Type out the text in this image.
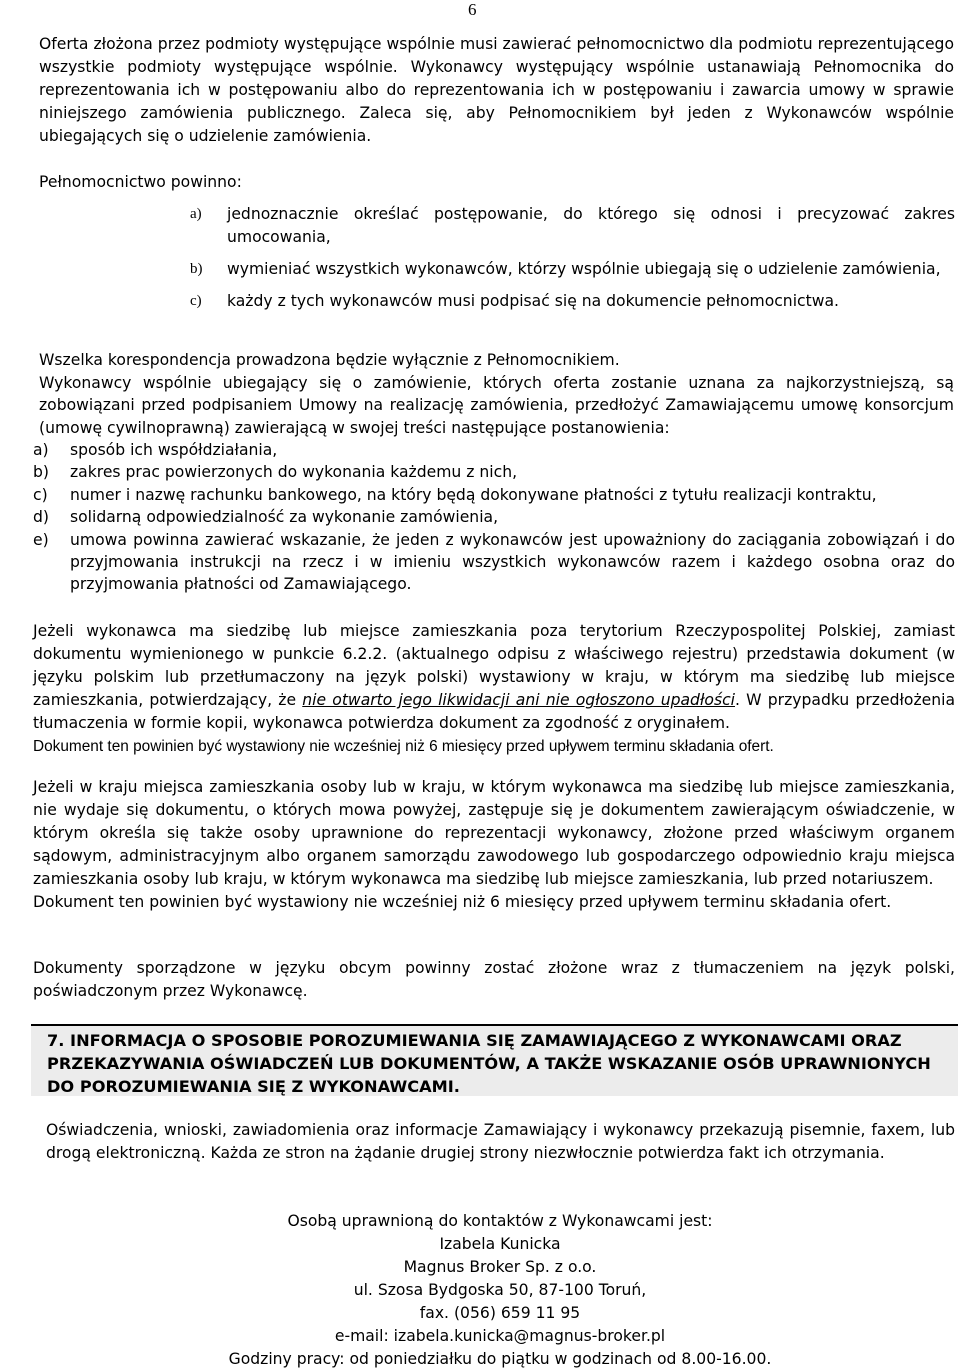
6
Oferta złożona przez podmioty występujące wspólnie musi zawierać pełnomocnictwo dla podmiotu reprezentującego wszystkie podmioty występujące wspólnie. Wykonawcy występujący wspólnie ustanawiają Pełnomocnika do reprezentowania ich w postępowaniu albo do reprezentowania ich w postępowaniu i zawarcia umowy w sprawie niniejszego zamówienia publicznego. Zaleca się, aby Pełnomocnikiem był jeden z Wykonawców wspólnie ubiegających się o udzielenie zamówienia.
Pełnomocnictwo powinno:
a) jednoznacznie określać postępowanie, do którego się odnosi i precyzować zakres umocowania,
b) wymieniać wszystkich wykonawców, którzy wspólnie ubiegają się o udzielenie zamówienia,
c) każdy z tych wykonawców musi podpisać się na dokumencie pełnomocnictwa.
Wszelka korespondencja prowadzona będzie wyłącznie z Pełnomocnikiem.
Wykonawcy wspólnie ubiegający się o zamówienie, których oferta zostanie uznana za najkorzystniejszą, są zobowiązani przed podpisaniem Umowy na realizację zamówienia, przedłożyć Zamawiającemu umowę konsorcjum (umowę cywilnoprawną) zawierającą w swojej treści następujące postanowienia:
a) sposób ich współdziałania,
b) zakres prac powierzonych do wykonania każdemu z nich,
c) numer i nazwę rachunku bankowego, na który będą dokonywane płatności z tytułu realizacji kontraktu,
d) solidarną odpowiedzialność za wykonanie zamówienia,
e) umowa powinna zawierać wskazanie, że jeden z wykonawców jest upoważniony do zaciągania zobowiązań i do przyjmowania instrukcji na rzecz i w imieniu wszystkich wykonawców razem i każdego osobna oraz do przyjmowania płatności od Zamawiającego.
Jeżeli wykonawca ma siedzibę lub miejsce zamieszkania poza terytorium Rzeczypospolitej Polskiej, zamiast dokumentu wymienionego w punkcie 6.2.2. (aktualnego odpisu z właściwego rejestru) przedstawia dokument (w języku polskim lub przetłumaczony na język polski) wystawiony w kraju, w którym ma siedzibę lub miejsce zamieszkania, potwierdzający, że nie otwarto jego likwidacji ani nie ogłoszono upadłości. W przypadku przedłożenia tłumaczenia w formie kopii, wykonawca potwierdza dokument za zgodność z oryginałem.
Dokument ten powinien być wystawiony nie wcześniej niż 6 miesięcy przed upływem terminu składania ofert.
Jeżeli w kraju miejsca zamieszkania osoby lub w kraju, w którym wykonawca ma siedzibę lub miejsce zamieszkania, nie wydaje się dokumentu, o których mowa powyżej, zastępuje się je dokumentem zawierającym oświadczenie, w którym określa się także osoby uprawnione do reprezentacji wykonawcy, złożone przed właściwym organem sądowym, administracyjnym albo organem samorządu zawodowego lub gospodarczego odpowiednio kraju miejsca zamieszkania osoby lub kraju, w którym wykonawca ma siedzibę lub miejsce zamieszkania, lub przed notariuszem.
Dokument ten powinien być wystawiony nie wcześniej niż 6 miesięcy przed upływem terminu składania ofert.
Dokumenty sporządzone w języku obcym powinny zostać złożone wraz z tłumaczeniem na język polski, poświadczonym przez Wykonawcę.
7. INFORMACJA O SPOSOBIE POROZUMIEWANIA SIĘ ZAMAWIAJĄCEGO Z WYKONAWCAMI ORAZ PRZEKAZYWANIA OŚWIADCZEŃ LUB DOKUMENTÓW, A TAKŻE WSKAZANIE OSÓB UPRAWNIONYCH DO POROZUMIEWANIA SIĘ Z WYKONAWCAMI.
Oświadczenia, wnioski, zawiadomienia oraz informacje Zamawiający i wykonawcy przekazują pisemnie, faxem, lub drogą elektroniczną. Każda ze stron na żądanie drugiej strony niezwłocznie potwierdza fakt ich otrzymania.
Osobą uprawnioną do kontaktów z Wykonawcami jest:
Izabela Kunicka
Magnus Broker Sp. z o.o.
ul. Szosa Bydgoska 50, 87-100 Toruń,
fax. (056) 659 11 95
e-mail: izabela.kunicka@magnus-broker.pl
Godziny pracy: od poniedziałku do piątku w godzinach od 8.00-16.00.
